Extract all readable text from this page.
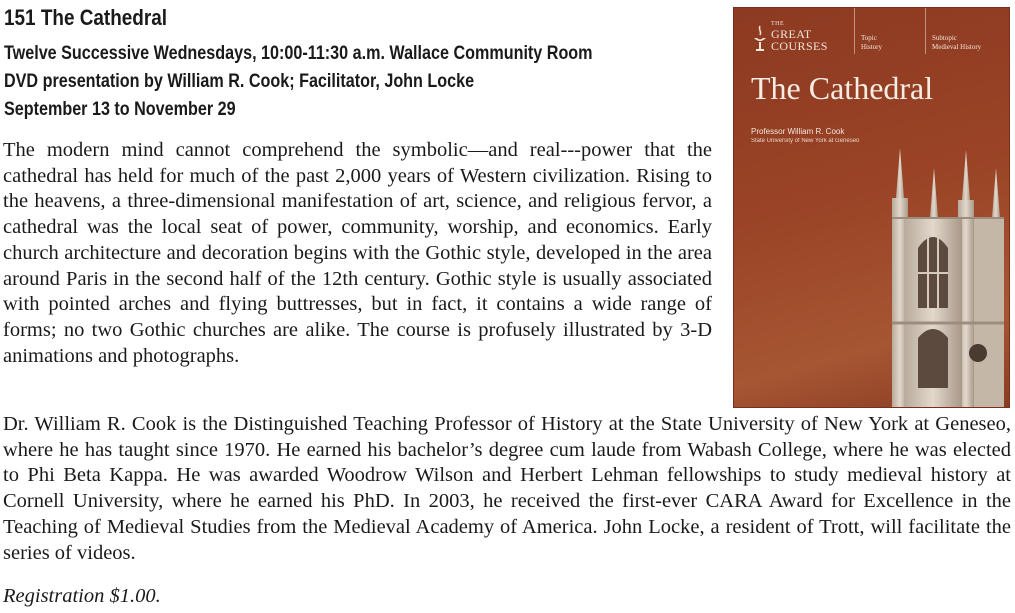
151 The Cathedral
Twelve Successive Wednesdays, 10:00-11:30 a.m. Wallace Community Room
DVD presentation by William R. Cook; Facilitator, John Locke
September 13 to November 29

The modern mind cannot comprehend the symbolic—and real---power that the cathedral has held for much of the past 2,000 years of Western civilization. Rising to the heavens, a three-dimensional manifestation of art, science, and religious fervor, a cathedral was the local seat of power, community, worship, and economics. Early church architecture and decoration begins with the Gothic style, developed in the area around Paris in the second half of the 12th century. Gothic style is usually associated with pointed arches and flying buttresses, but in fact, it contains a wide range of forms; no two Gothic churches are alike. The course is profusely illustrated by 3-D animations and photographs.

THE
GREAT
COURSES
Topic
History
Subtopic
Medieval History
The Cathedral
Professor William R. Cook
State University of New York at Geneseo

Dr. William R. Cook is the Distinguished Teaching Professor of History at the State University of New York at Geneseo, where he has taught since 1970. He earned his bachelor’s degree cum laude from Wabash College, where he was elected to Phi Beta Kappa. He was awarded Woodrow Wilson and Herbert Lehman fellowships to study medieval history at Cornell University, where he earned his PhD. In 2003, he received the first-ever CARA Award for Excellence in the Teaching of Medieval Studies from the Medieval Academy of America. John Locke, a resident of Trott, will facilitate the series of videos.

Registration $1.00.
